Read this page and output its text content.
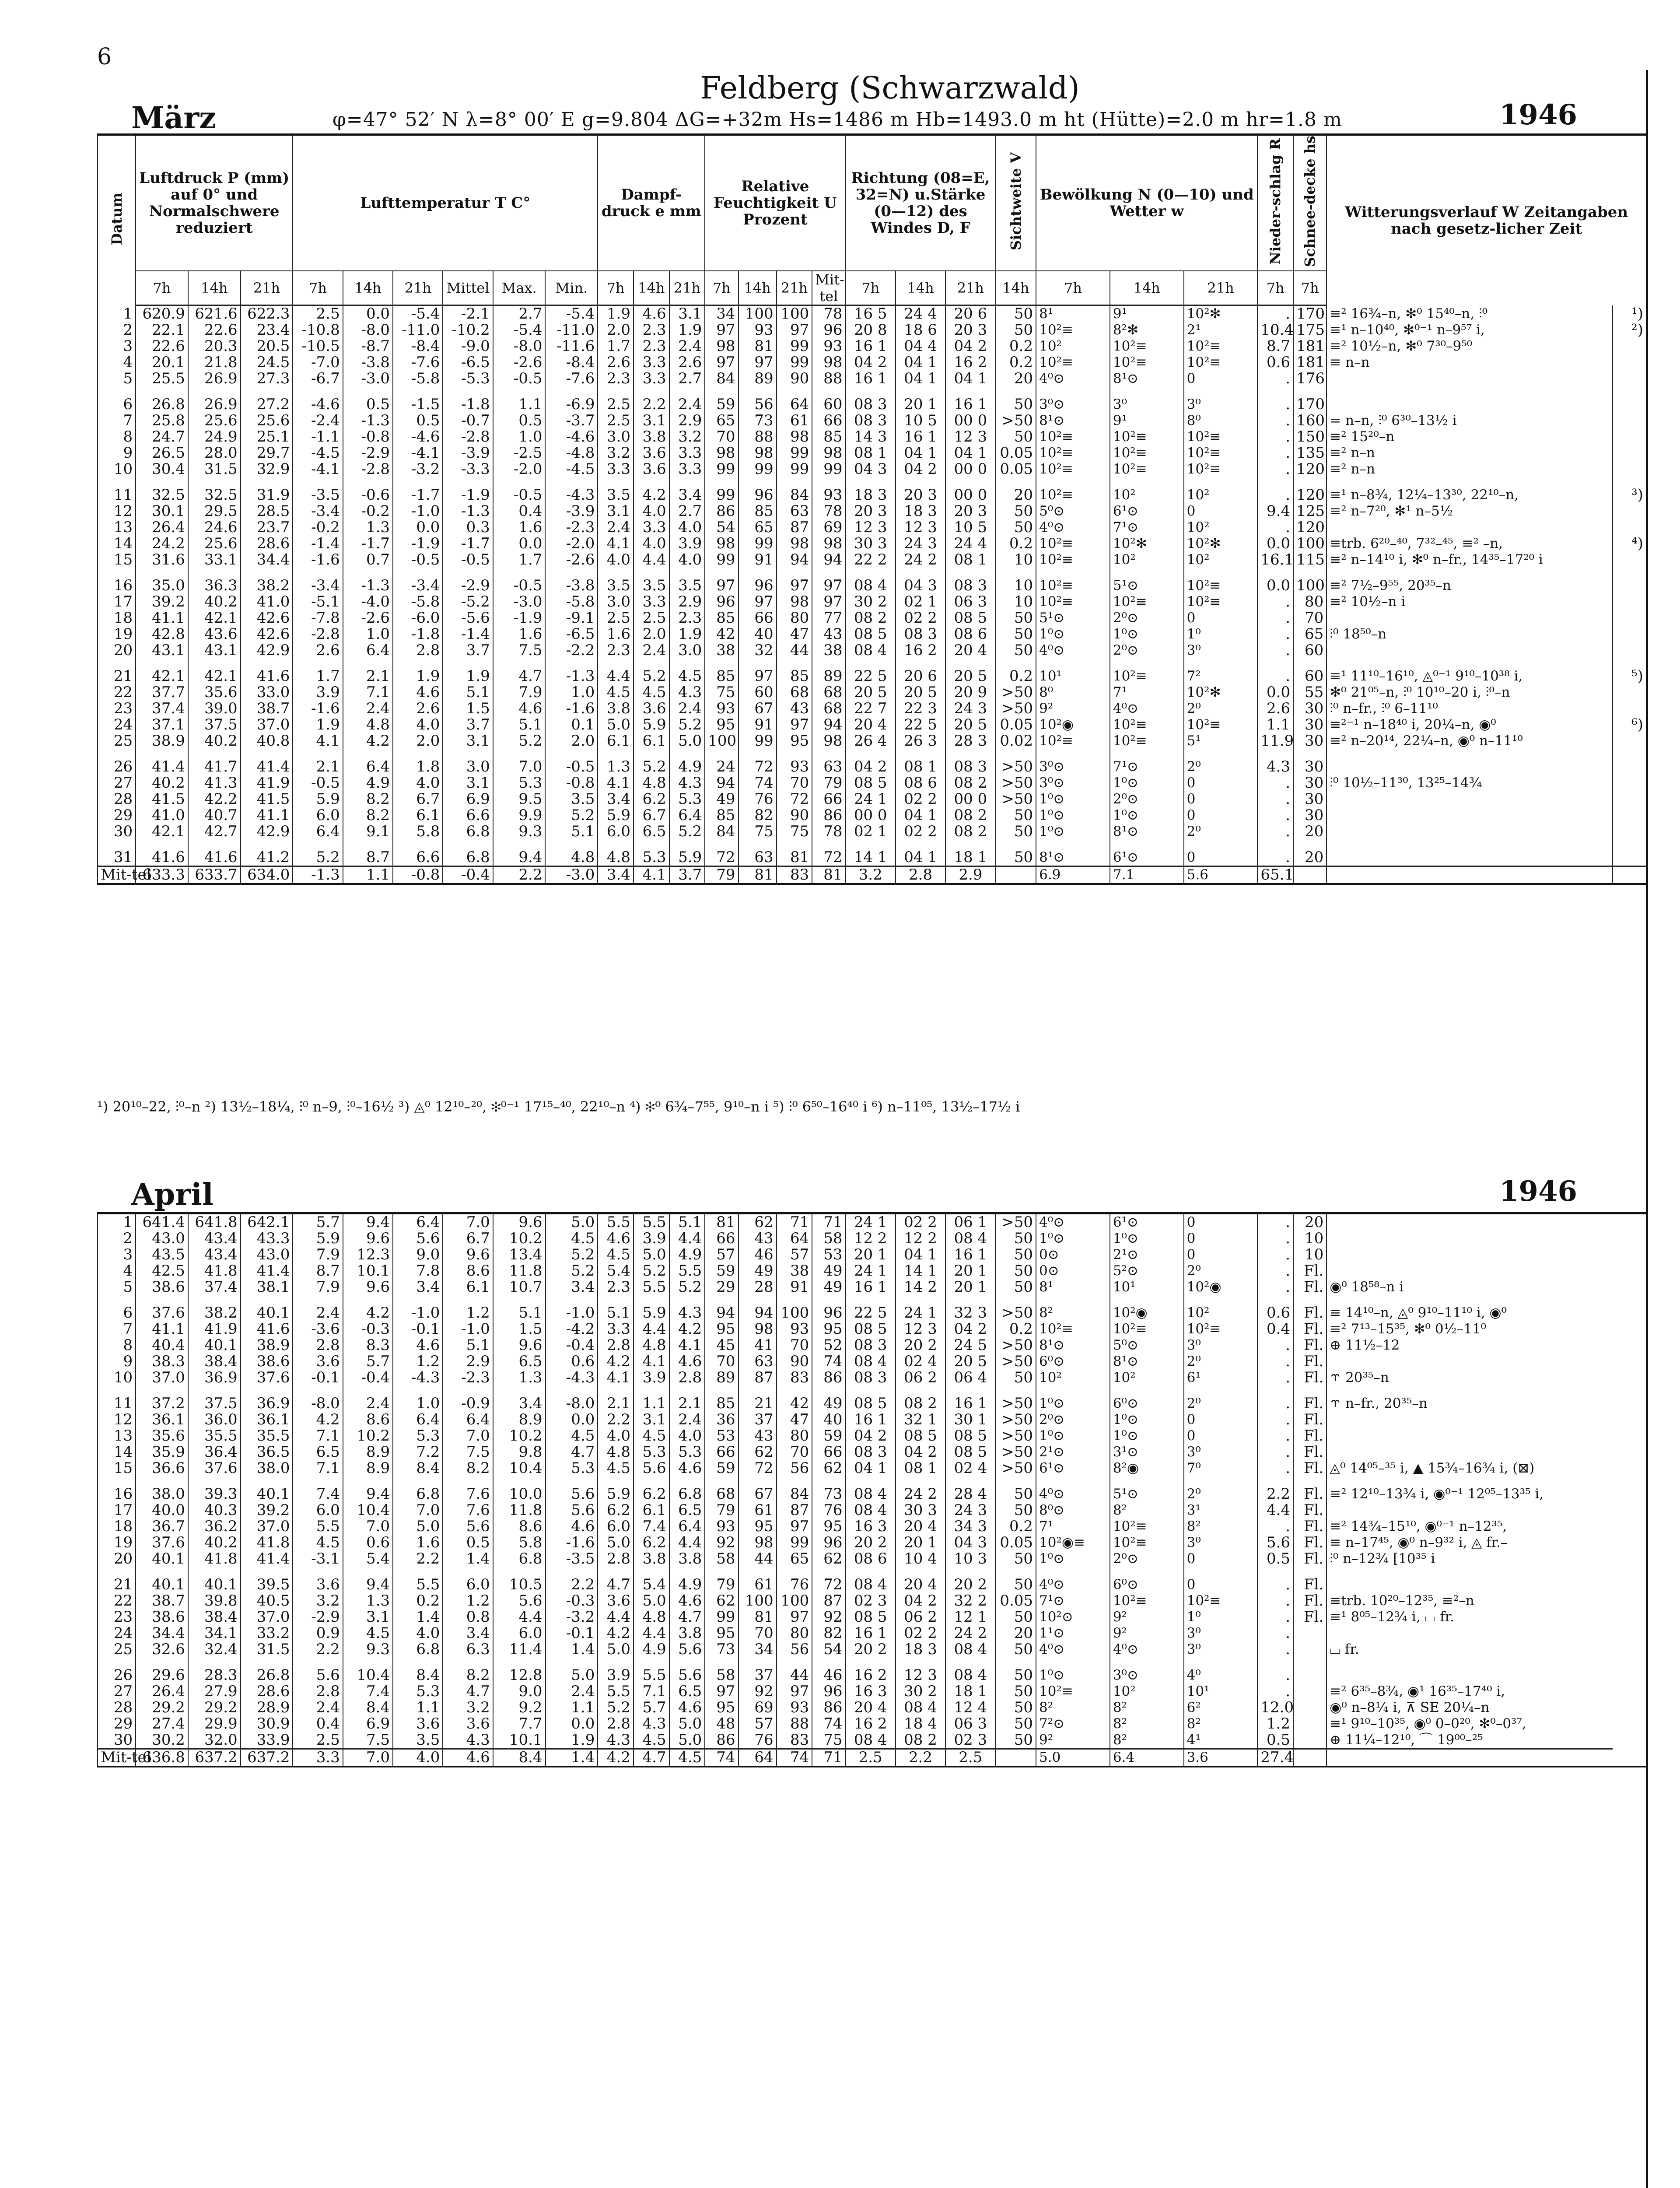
6
Feldberg (Schwarzwald)
März	φ=47° 52′ N λ=8° 00′ E g=9.804 ΔG=+32m Hs=1486 m Hb=1493.0 m ht (Hütte)=2.0 m hr=1.8 m	1946
Datum	Luftdruck P (mm) auf 0° und Normalschwere reduziert			Lufttemperatur T C°						Dampf-druck e mm			Relative Feuchtigkeit U Prozent				Richtung (08=E, 32=N) u.Stärke (0—12) des Windes D, F			Sichtweite V	Bewölkung N (0—10) und Wetter w			Nieder-schlag R	Schnee-decke hs	Witterungsverlauf W Zeitangaben nach gesetz-licher Zeit	
	7h	14h	21h	7h	14h	21h	Mittel	Max.	Min.	7h	14h	21h	7h	14h	21h	Mit-tel	7h	14h	21h	14h	7h	14h	21h	7h	7h		
1	620.9	621.6	622.3	2.5	0.0	-5.4	-2.1	2.7	-5.4	1.9	4.6	3.1	34	100	100	78	16 5	24 4	20 6	50	8¹	9¹	10²✻	.	170	≡² 16¾–n, ✻⁰ 15⁴⁰–n, ⫶⁰	¹)
2	22.1	22.6	23.4	-10.8	-8.0	-11.0	-10.2	-5.4	-11.0	2.0	2.3	1.9	97	93	97	96	20 8	18 6	20 3	50	10²≡	8²✻	2¹	10.4	175	≡¹ n–10⁴⁰, ✻⁰⁻¹ n–9⁵⁷ i,	²)
3	22.6	20.3	20.5	-10.5	-8.7	-8.4	-9.0	-8.0	-11.6	1.7	2.3	2.4	98	81	99	93	16 1	04 4	04 2	0.2	10²	10²≡	10²≡	8.7	181	≡² 10½–n, ✻⁰ 7³⁰–9⁵⁰	
4	20.1	21.8	24.5	-7.0	-3.8	-7.6	-6.5	-2.6	-8.4	2.6	3.3	2.6	97	97	99	98	04 2	04 1	16 2	0.2	10²≡	10²≡	10²≡	0.6	181	≡ n–n	
5	25.5	26.9	27.3	-6.7	-3.0	-5.8	-5.3	-0.5	-7.6	2.3	3.3	2.7	84	89	90	88	16 1	04 1	04 1	20	4⁰⊙	8¹⊙	0	.	176		
6	26.8	26.9	27.2	-4.6	0.5	-1.5	-1.8	1.1	-6.9	2.5	2.2	2.4	59	56	64	60	08 3	20 1	16 1	50	3⁰⊙	3⁰	3⁰	.	170		
7	25.8	25.6	25.6	-2.4	-1.3	0.5	-0.7	0.5	-3.7	2.5	3.1	2.9	65	73	61	66	08 3	10 5	00 0	>50	8¹⊙	9¹	8⁰	.	160	= n–n, ⫶⁰ 6³⁰–13½ i	
8	24.7	24.9	25.1	-1.1	-0.8	-4.6	-2.8	1.0	-4.6	3.0	3.8	3.2	70	88	98	85	14 3	16 1	12 3	50	10²≡	10²≡	10²≡	.	150	≡² 15²⁰–n	
9	26.5	28.0	29.7	-4.5	-2.9	-4.1	-3.9	-2.5	-4.8	3.2	3.6	3.3	98	98	99	98	08 1	04 1	04 1	0.05	10²≡	10²≡	10²≡	.	135	≡² n–n	
10	30.4	31.5	32.9	-4.1	-2.8	-3.2	-3.3	-2.0	-4.5	3.3	3.6	3.3	99	99	99	99	04 3	04 2	00 0	0.05	10²≡	10²≡	10²≡	.	120	≡² n–n	
11	32.5	32.5	31.9	-3.5	-0.6	-1.7	-1.9	-0.5	-4.3	3.5	4.2	3.4	99	96	84	93	18 3	20 3	00 0	20	10²≡	10²	10²	.	120	≡¹ n–8¾, 12¼–13³⁰, 22¹⁰–n,	³)
12	30.1	29.5	28.5	-3.4	-0.2	-1.0	-1.3	0.4	-3.9	3.1	4.0	2.7	86	85	63	78	20 3	18 3	20 3	50	5⁰⊙	6¹⊙	0	9.4	125	≡² n–7²⁰, ✻¹ n–5½	
13	26.4	24.6	23.7	-0.2	1.3	0.0	0.3	1.6	-2.3	2.4	3.3	4.0	54	65	87	69	12 3	12 3	10 5	50	4⁰⊙	7¹⊙	10²	.	120		
14	24.2	25.6	28.6	-1.4	-1.7	-1.9	-1.7	0.0	-2.0	4.1	4.0	3.9	98	99	98	98	30 3	24 3	24 4	0.2	10²≡	10²✻	10²✻	0.0	100	≡trb. 6²⁰–⁴⁰, 7³²–⁴⁵, ≡² –n,	⁴)
15	31.6	33.1	34.4	-1.6	0.7	-0.5	-0.5	1.7	-2.6	4.0	4.4	4.0	99	91	94	94	22 2	24 2	08 1	10	10²≡	10²	10²	16.1	115	≡² n–14¹⁰ i, ✻⁰ n–fr., 14³⁵–17²⁰ i	
16	35.0	36.3	38.2	-3.4	-1.3	-3.4	-2.9	-0.5	-3.8	3.5	3.5	3.5	97	96	97	97	08 4	04 3	08 3	10	10²≡	5¹⊙	10²≡	0.0	100	≡² 7½–9⁵⁵, 20³⁵–n	
17	39.2	40.2	41.0	-5.1	-4.0	-5.8	-5.2	-3.0	-5.8	3.0	3.3	2.9	96	97	98	97	30 2	02 1	06 3	10	10²≡	10²≡	10²≡	.	80	≡² 10½–n i	
18	41.1	42.1	42.6	-7.8	-2.6	-6.0	-5.6	-1.9	-9.1	2.5	2.5	2.3	85	66	80	77	08 2	02 2	08 5	50	5¹⊙	2⁰⊙	0	.	70		
19	42.8	43.6	42.6	-2.8	1.0	-1.8	-1.4	1.6	-6.5	1.6	2.0	1.9	42	40	47	43	08 5	08 3	08 6	50	1⁰⊙	1⁰⊙	1⁰	.	65	⫶⁰ 18⁵⁰–n	
20	43.1	43.1	42.9	2.6	6.4	2.8	3.7	7.5	-2.2	2.3	2.4	3.0	38	32	44	38	08 4	16 2	20 4	50	4⁰⊙	2⁰⊙	3⁰	.	60		
21	42.1	42.1	41.6	1.7	2.1	1.9	1.9	4.7	-1.3	4.4	5.2	4.5	85	97	85	89	22 5	20 6	20 5	0.2	10¹	10²≡	7²	.	60	≡¹ 11¹⁰–16¹⁰, ◬⁰⁻¹ 9¹⁰–10³⁸ i,	⁵)
22	37.7	35.6	33.0	3.9	7.1	4.6	5.1	7.9	1.0	4.5	4.5	4.3	75	60	68	68	20 5	20 5	20 9	>50	8⁰	7¹	10²✻	0.0	55	✻⁰ 21⁰⁵–n, ⫶⁰ 10¹⁰–20 i, ⫶⁰–n	
23	37.4	39.0	38.7	-1.6	2.4	2.6	1.5	4.6	-1.6	3.8	3.6	2.4	93	67	43	68	22 7	22 3	24 3	>50	9²	4⁰⊙	2⁰	2.6	30	⫶⁰ n–fr., ⫶⁰ 6–11¹⁰	
24	37.1	37.5	37.0	1.9	4.8	4.0	3.7	5.1	0.1	5.0	5.9	5.2	95	91	97	94	20 4	22 5	20 5	0.05	10²◉	10²≡	10²≡	1.1	30	≡²⁻¹ n–18⁴⁰ i, 20¼–n, ◉⁰	⁶)
25	38.9	40.2	40.8	4.1	4.2	2.0	3.1	5.2	2.0	6.1	6.1	5.0	100	99	95	98	26 4	26 3	28 3	0.02	10²≡	10²≡	5¹	11.9	30	≡² n–20¹⁴, 22¼–n, ◉⁰ n–11¹⁰	
26	41.4	41.7	41.4	2.1	6.4	1.8	3.0	7.0	-0.5	1.3	5.2	4.9	24	72	93	63	04 2	08 1	08 3	>50	3⁰⊙	7¹⊙	2⁰	4.3	30		
27	40.2	41.3	41.9	-0.5	4.9	4.0	3.1	5.3	-0.8	4.1	4.8	4.3	94	74	70	79	08 5	08 6	08 2	>50	3⁰⊙	1⁰⊙	0	.	30	⫶⁰ 10½–11³⁰, 13²⁵–14¾	
28	41.5	42.2	41.5	5.9	8.2	6.7	6.9	9.5	3.5	3.4	6.2	5.3	49	76	72	66	24 1	02 2	00 0	>50	1⁰⊙	2⁰⊙	0	.	30		
29	41.0	40.7	41.1	6.0	8.2	6.1	6.6	9.9	5.2	5.9	6.7	6.4	85	82	90	86	00 0	04 1	08 2	50	1⁰⊙	1⁰⊙	0	.	30		
30	42.1	42.7	42.9	6.4	9.1	5.8	6.8	9.3	5.1	6.0	6.5	5.2	84	75	75	78	02 1	02 2	08 2	50	1⁰⊙	8¹⊙	2⁰	.	20		
31	41.6	41.6	41.2	5.2	8.7	6.6	6.8	9.4	4.8	4.8	5.3	5.9	72	63	81	72	14 1	04 1	18 1	50	8¹⊙	6¹⊙	0	.	20		
Mit-tel	633.3	633.7	634.0	-1.3	1.1	-0.8	-0.4	2.2	-3.0	3.4	4.1	3.7	79	81	83	81	3.2	2.8	2.9		6.9	7.1	5.6	65.1			
¹) 20¹⁰–22, ⫶⁰–n ²) 13½–18¼, ⫶⁰ n–9, ⫶⁰–16½ ³) ◬⁰ 12¹⁰–²⁰, ✻⁰⁻¹ 17¹⁵–⁴⁰, 22¹⁰–n ⁴) ✻⁰ 6¾–7⁵⁵, 9¹⁰–n i ⁵) ⫶⁰ 6⁵⁰–16⁴⁰ i ⁶) n–11⁰⁵, 13½–17½ i
April	1946
1	641.4	641.8	642.1	5.7	9.4	6.4	7.0	9.6	5.0	5.5	5.5	5.1	81	62	71	71	24 1	02 2	06 1	>50	4⁰⊙	6¹⊙	0	.	20	
2	43.0	43.4	43.3	5.9	9.6	5.6	6.7	10.2	4.5	4.6	3.9	4.4	66	43	64	58	12 2	12 2	08 4	50	1⁰⊙	1⁰⊙	0	.	10	
3	43.5	43.4	43.0	7.9	12.3	9.0	9.6	13.4	5.2	4.5	5.0	4.9	57	46	57	53	20 1	04 1	16 1	50	0⊙	2¹⊙	0	.	10	
4	42.5	41.8	41.4	8.7	10.1	7.8	8.6	11.8	5.2	5.4	5.2	5.5	59	49	38	49	24 1	14 1	20 1	50	0⊙	5²⊙	2⁰	.	Fl.	
5	38.6	37.4	38.1	7.9	9.6	3.4	6.1	10.7	3.4	2.3	5.5	5.2	29	28	91	49	16 1	14 2	20 1	50	8¹	10¹	10²◉	.	Fl.	◉⁰ 18⁵⁸–n i
6	37.6	38.2	40.1	2.4	4.2	-1.0	1.2	5.1	-1.0	5.1	5.9	4.3	94	94	100	96	22 5	24 1	32 3	>50	8²	10²◉	10²	0.6	Fl.	≡ 14¹⁰–n, ◬⁰ 9¹⁰–11¹⁰ i, ◉⁰
7	41.1	41.9	41.6	-3.6	-0.3	-0.1	-1.0	1.5	-4.2	3.3	4.4	4.2	95	98	93	95	08 5	12 3	04 2	0.2	10²≡	10²≡	10²≡	0.4	Fl.	≡² 7¹³–15³⁵, ✻⁰ 0½–11⁰
8	40.4	40.1	38.9	2.8	8.3	4.6	5.1	9.6	-0.4	2.8	4.8	4.1	45	41	70	52	08 3	20 2	24 5	>50	8¹⊙	5⁰⊙	3⁰	.	Fl.	⊕ 11½–12
9	38.3	38.4	38.6	3.6	5.7	1.2	2.9	6.5	0.6	4.2	4.1	4.6	70	63	90	74	08 4	02 4	20 5	>50	6⁰⊙	8¹⊙	2⁰	.	Fl.	
10	37.0	36.9	37.6	-0.1	-0.4	-4.3	-2.3	1.3	-4.3	4.1	3.9	2.8	89	87	83	86	08 3	06 2	06 4	50	10²	10²	6¹	.	Fl.	⥾ 20³⁵–n
11	37.2	37.5	36.9	-8.0	2.4	1.0	-0.9	3.4	-8.0	2.1	1.1	2.1	85	21	42	49	08 5	08 2	16 1	>50	1⁰⊙	6⁰⊙	2⁰	.	Fl.	⥾ n–fr., 20³⁵–n
12	36.1	36.0	36.1	4.2	8.6	6.4	6.4	8.9	0.0	2.2	3.1	2.4	36	37	47	40	16 1	32 1	30 1	>50	2⁰⊙	1⁰⊙	0	.	Fl.	
13	35.6	35.5	35.5	7.1	10.2	5.3	7.0	10.2	4.5	4.0	4.5	4.0	53	43	80	59	04 2	08 5	08 5	>50	1⁰⊙	1⁰⊙	0	.	Fl.	
14	35.9	36.4	36.5	6.5	8.9	7.2	7.5	9.8	4.7	4.8	5.3	5.3	66	62	70	66	08 3	04 2	08 5	>50	2¹⊙	3¹⊙	3⁰	.	Fl.	
15	36.6	37.6	38.0	7.1	8.9	8.4	8.2	10.4	5.3	4.5	5.6	4.6	59	72	56	62	04 1	08 1	02 4	>50	6¹⊙	8²◉	7⁰	.	Fl.	◬⁰ 14⁰⁵–³⁵ i, ▲ 15¾–16¾ i, (⊠)
16	38.0	39.3	40.1	7.4	9.4	6.8	7.6	10.0	5.6	5.9	6.2	6.8	68	67	84	73	08 4	24 2	28 4	50	4⁰⊙	5¹⊙	2⁰	2.2	Fl.	≡² 12¹⁰–13¾ i, ◉⁰⁻¹ 12⁰⁵–13³⁵ i,
17	40.0	40.3	39.2	6.0	10.4	7.0	7.6	11.8	5.6	6.2	6.1	6.5	79	61	87	76	08 4	30 3	24 3	50	8⁰⊙	8²	3¹	4.4	Fl.	
18	36.7	36.2	37.0	5.5	7.0	5.0	5.6	8.6	4.6	6.0	7.4	6.4	93	95	97	95	16 3	20 4	34 3	0.2	7¹	10²≡	8²	.	Fl.	≡² 14¾–15¹⁰, ◉⁰⁻¹ n–12³⁵,
19	37.6	40.2	41.8	4.5	0.6	1.6	0.5	5.8	-1.6	5.0	6.2	4.4	92	98	99	96	20 2	20 1	04 3	0.05	10²◉≡	10²≡	3⁰	5.6	Fl.	≡ n–17⁴⁵, ◉⁰ n–9³² i, ◬ fr.–
20	40.1	41.8	41.4	-3.1	5.4	2.2	1.4	6.8	-3.5	2.8	3.8	3.8	58	44	65	62	08 6	10 4	10 3	50	1⁰⊙	2⁰⊙	0	0.5	Fl.	⫶⁰ n–12¾ [10³⁵ i
21	40.1	40.1	39.5	3.6	9.4	5.5	6.0	10.5	2.2	4.7	5.4	4.9	79	61	76	72	08 4	20 4	20 2	50	4⁰⊙	6⁰⊙	0	.	Fl.	
22	38.7	39.8	40.5	3.2	1.3	0.2	1.2	5.6	-0.3	3.6	5.0	4.6	62	100	100	87	02 3	04 2	32 2	0.05	7¹⊙	10²≡	10²≡	.	Fl.	≡trb. 10²⁰–12³⁵, ≡²–n
23	38.6	38.4	37.0	-2.9	3.1	1.4	0.8	4.4	-3.2	4.4	4.8	4.7	99	81	97	92	08 5	06 2	12 1	50	10²⊙	9²	1⁰	.	Fl.	≡¹ 8⁰⁵–12¾ i, ⌴ fr.
24	34.4	34.1	33.2	0.9	4.5	4.0	3.4	6.0	-0.1	4.2	4.4	3.8	95	70	80	82	16 1	02 2	24 2	20	1¹⊙	9²	3⁰	.		
25	32.6	32.4	31.5	2.2	9.3	6.8	6.3	11.4	1.4	5.0	4.9	5.6	73	34	56	54	20 2	18 3	08 4	50	4⁰⊙	4⁰⊙	3⁰	.		⌴ fr.
26	29.6	28.3	26.8	5.6	10.4	8.4	8.2	12.8	5.0	3.9	5.5	5.6	58	37	44	46	16 2	12 3	08 4	50	1⁰⊙	3⁰⊙	4⁰	.		
27	26.4	27.9	28.6	2.8	7.4	5.3	4.7	9.0	2.4	5.5	7.1	6.5	97	92	97	96	16 3	30 2	18 1	50	10²≡	10²	10¹	.		≡² 6³⁵–8¾, ◉¹ 16³⁵–17⁴⁰ i,
28	29.2	29.2	28.9	2.4	8.4	1.1	3.2	9.2	1.1	5.2	5.7	4.6	95	69	93	86	20 4	08 4	12 4	50	8²	8²	6²	12.0		◉⁰ n–8¼ i, ⊼ SE 20¼–n
29	27.4	29.9	30.9	0.4	6.9	3.6	3.6	7.7	0.0	2.8	4.3	5.0	48	57	88	74	16 2	18 4	06 3	50	7²⊙	8²	8²	1.2		≡¹ 9¹⁰–10³⁵, ◉⁰ 0–0²⁰, ✻⁰–0³⁷,
30	30.2	32.0	33.9	2.5	7.5	3.5	4.3	10.1	1.9	4.3	4.5	5.0	86	76	83	75	08 4	08 2	02 3	50	9²	8²	4¹	0.5		⊕ 11¼–12¹⁰, ⌒ 19⁰⁰–²⁵
Mit-tel	636.8	637.2	637.2	3.3	7.0	4.0	4.6	8.4	1.4	4.2	4.7	4.5	74	64	74	71	2.5	2.2	2.5		5.0	6.4	3.6	27.4		
